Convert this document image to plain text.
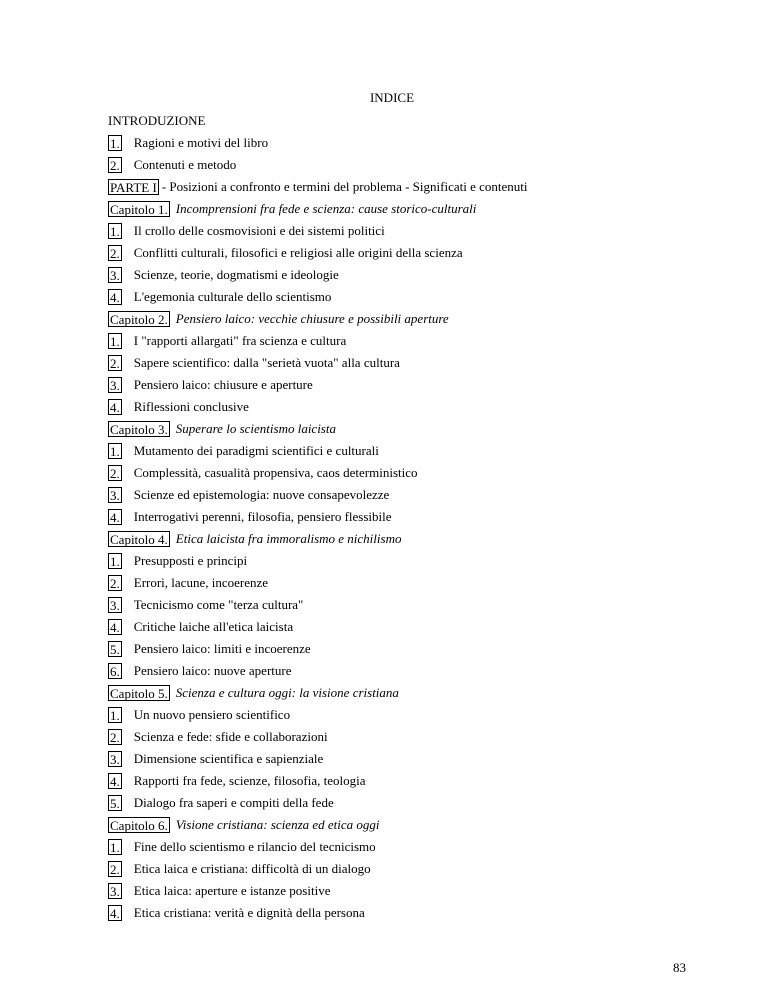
INDICE
INTRODUZIONE
1. Ragioni e motivi del libro
2. Contenuti e metodo
PARTE I - Posizioni a confronto e termini del problema - Significati e contenuti
Capitolo 1. Incomprensioni fra fede e scienza: cause storico-culturali
1. Il crollo delle cosmovisioni e dei sistemi politici
2. Conflitti culturali, filosofici e religiosi alle origini della scienza
3. Scienze, teorie, dogmatismi e ideologie
4. L'egemonia culturale dello scientismo
Capitolo 2. Pensiero laico: vecchie chiusure e possibili aperture
1. I "rapporti allargati" fra scienza e cultura
2. Sapere scientifico: dalla "serietà vuota" alla cultura
3. Pensiero laico: chiusure e aperture
4. Riflessioni conclusive
Capitolo 3. Superare lo scientismo laicista
1. Mutamento dei paradigmi scientifici e culturali
2. Complessità, casualità propensiva, caos deterministico
3. Scienze ed epistemologia: nuove consapevolezze
4. Interrogativi perenni, filosofia, pensiero flessibile
Capitolo 4. Etica laicista fra immoralismo e nichilismo
1. Presupposti e principi
2. Errori, lacune, incoerenze
3. Tecnicismo come "terza cultura"
4. Critiche laiche all'etica laicista
5. Pensiero laico: limiti e incoerenze
6. Pensiero laico: nuove aperture
Capitolo 5. Scienza e cultura oggi: la visione cristiana
1. Un nuovo pensiero scientifico
2. Scienza e fede: sfide e collaborazioni
3. Dimensione scientifica e sapienziale
4. Rapporti fra fede, scienze, filosofia, teologia
5. Dialogo fra saperi e compiti della fede
Capitolo 6. Visione cristiana: scienza ed etica oggi
1. Fine dello scientismo e rilancio del tecnicismo
2. Etica laica e cristiana: difficoltà di un dialogo
3. Etica laica: aperture e istanze positive
4. Etica cristiana: verità e dignità della persona
83
